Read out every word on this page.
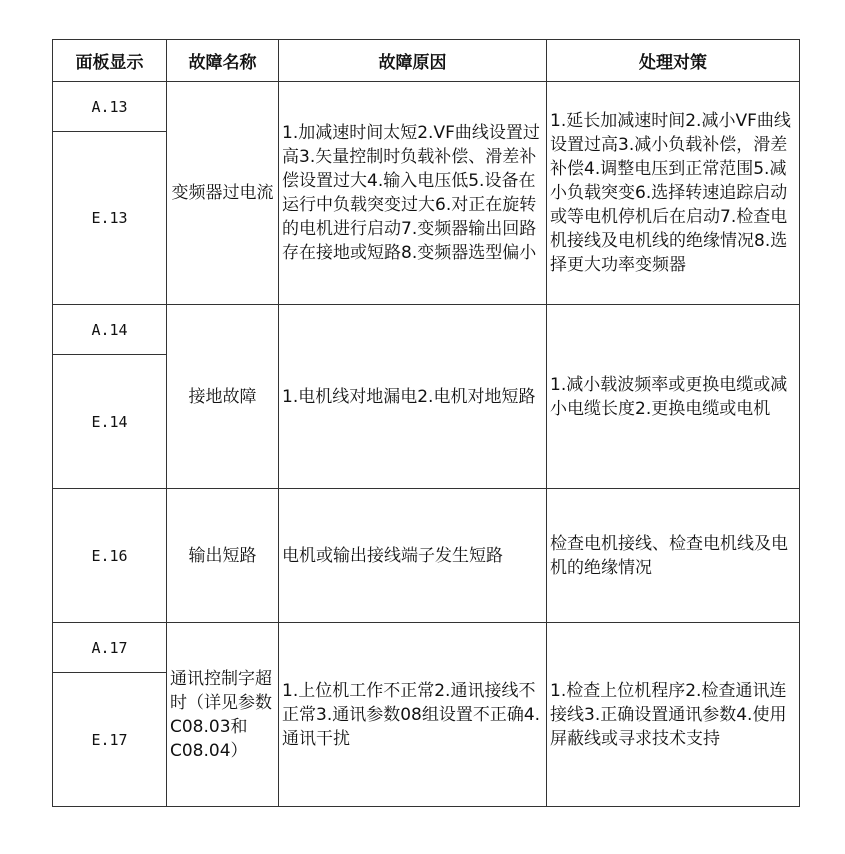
面板显示	故障名称	故障原因	处理对策
A.13	变频器过电流	1.加减速时间太短2.VF曲线设置过高3.矢量控制时负载补偿、滑差补偿设置过大4.输入电压低5.设备在运行中负载突变过大6.对正在旋转的电机进行启动7.变频器输出回路存在接地或短路8.变频器选型偏小	1.延长加减速时间2.减小VF曲线设置过高3.减小负载补偿，滑差补偿4.调整电压到正常范围5.减小负载突变6.选择转速追踪启动或等电机停机后在启动7.检查电机接线及电机线的绝缘情况8.选择更大功率变频器
E.13			
A.14	接地故障	1.电机线对地漏电2.电机对地短路	1.减小载波频率或更换电缆或减小电缆长度2.更换电缆或电机
E.14			
E.16	输出短路	电机或输出接线端子发生短路	检查电机接线、检查电机线及电机的绝缘情况
A.17	通讯控制字超时（详见参数C08.03和C08.04）	1.上位机工作不正常2.通讯接线不正常3.通讯参数08组设置不正确4.通讯干扰	1.检查上位机程序2.检查通讯连接线3.正确设置通讯参数4.使用屏蔽线或寻求技术支持
E.17			
